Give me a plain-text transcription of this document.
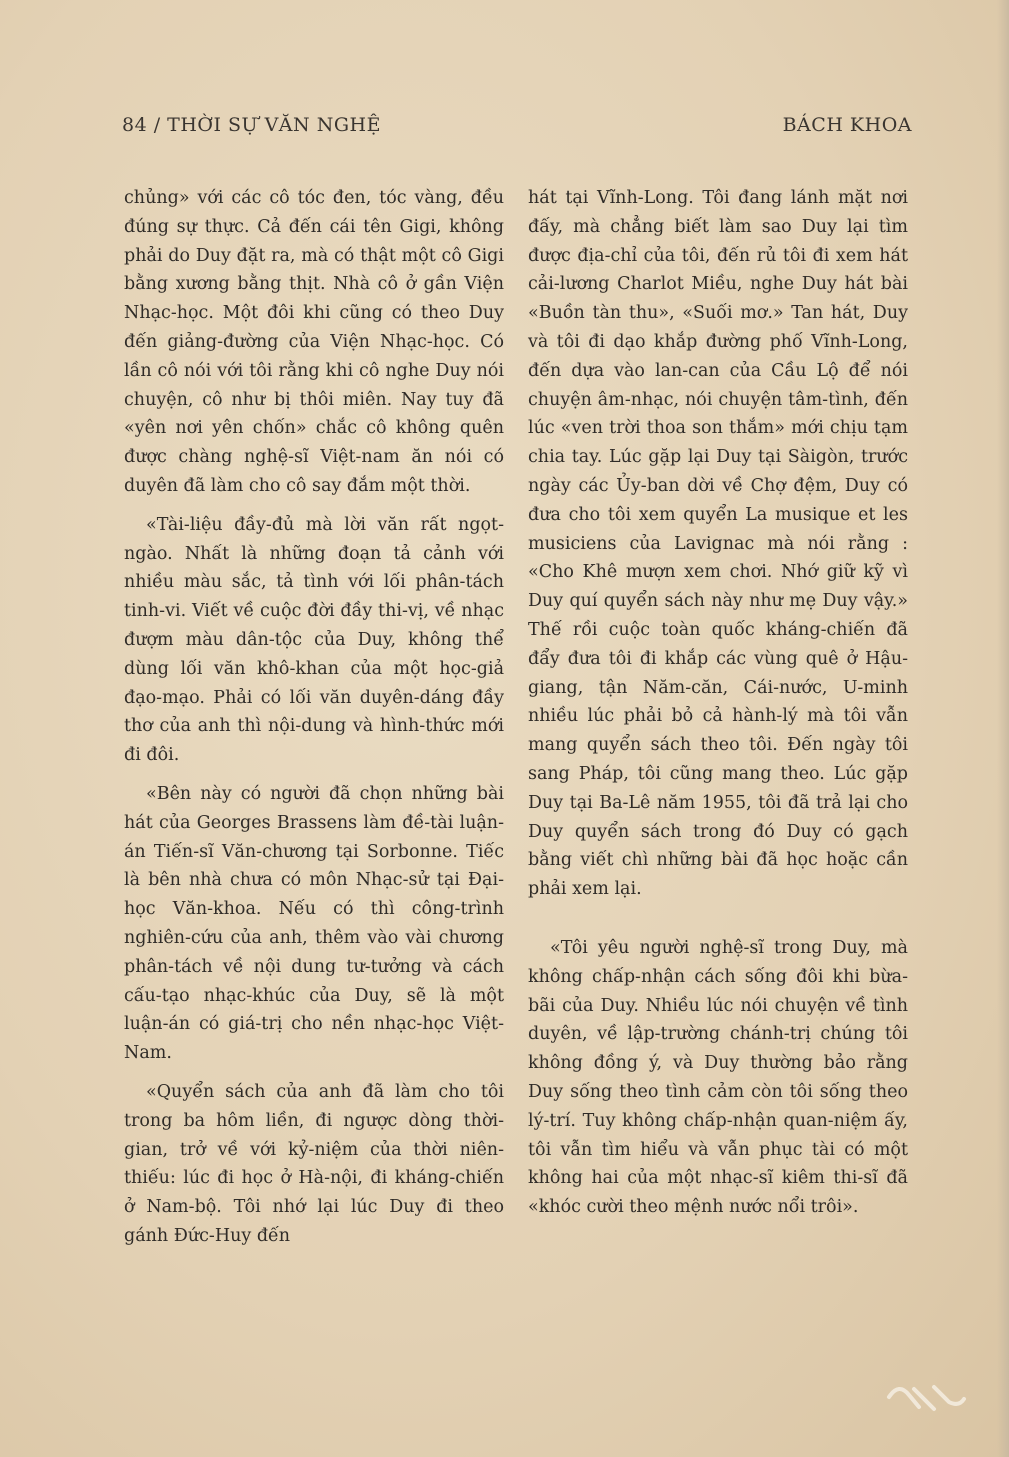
84 / THỜI SỰ VĂN NGHỆ	BÁCH KHOA

chủng» với các cô tóc đen, tóc vàng, đều đúng sự thực. Cả đến cái tên Gigi, không phải do Duy đặt ra, mà có thật một cô Gigi bằng xương bằng thịt. Nhà cô ở gần Viện Nhạc-học. Một đôi khi cũng có theo Duy đến giảng-đường của Viện Nhạc-học. Có lần cô nói với tôi rằng khi cô nghe Duy nói chuyện, cô như bị thôi miên. Nay tuy đã «yên nơi yên chốn» chắc cô không quên được chàng nghệ-sĩ Việt-nam ăn nói có duyên đã làm cho cô say đắm một thời.

«Tài-liệu đầy-đủ mà lời văn rất ngọt-ngào. Nhất là những đoạn tả cảnh với nhiều màu sắc, tả tình với lối phân-tách tinh-vi. Viết về cuộc đời đầy thi-vị, về nhạc đượm màu dân-tộc của Duy, không thể dùng lối văn khô-khan của một học-giả đạo-mạo. Phải có lối văn duyên-dáng đầy thơ của anh thì nội-dung và hình-thức mới đi đôi.

«Bên này có người đã chọn những bài hát của Georges Brassens làm đề-tài luận-án Tiến-sĩ Văn-chương tại Sorbonne. Tiếc là bên nhà chưa có môn Nhạc-sử tại Đại-học Văn-khoa. Nếu có thì công-trình nghiên-cứu của anh, thêm vào vài chương phân-tách về nội dung tư-tưởng và cách cấu-tạo nhạc-khúc của Duy, sẽ là một luận-án có giá-trị cho nền nhạc-học Việt-Nam.

«Quyển sách của anh đã làm cho tôi trong ba hôm liền, đi ngược dòng thời-gian, trở về với kỷ-niệm của thời niên-thiếu: lúc đi học ở Hà-nội, đi kháng-chiến ở Nam-bộ. Tôi nhớ lại lúc Duy đi theo gánh Đức-Huy đến

hát tại Vĩnh-Long. Tôi đang lánh mặt nơi đấy, mà chẳng biết làm sao Duy lại tìm được địa-chỉ của tôi, đến rủ tôi đi xem hát cải-lương Charlot Miều, nghe Duy hát bài «Buồn tàn thu», «Suối mơ.» Tan hát, Duy và tôi đi dạo khắp đường phố Vĩnh-Long, đến dựa vào lan-can của Cầu Lộ để nói chuyện âm-nhạc, nói chuyện tâm-tình, đến lúc «ven trời thoa son thắm» mới chịu tạm chia tay. Lúc gặp lại Duy tại Sàigòn, trước ngày các Ủy-ban dời về Chợ đệm, Duy có đưa cho tôi xem quyển La musique et les musiciens của Lavignac mà nói rằng : «Cho Khê mượn xem chơi. Nhớ giữ kỹ vì Duy quí quyển sách này như mẹ Duy vậy.» Thế rồi cuộc toàn quốc kháng-chiến đã đẩy đưa tôi đi khắp các vùng quê ở Hậu-giang, tận Năm-căn, Cái-nước, U-minh nhiều lúc phải bỏ cả hành-lý mà tôi vẫn mang quyển sách theo tôi. Đến ngày tôi sang Pháp, tôi cũng mang theo. Lúc gặp Duy tại Ba-Lê năm 1955, tôi đã trả lại cho Duy quyển sách trong đó Duy có gạch bằng viết chì những bài đã học hoặc cần phải xem lại.

«Tôi yêu người nghệ-sĩ trong Duy, mà không chấp-nhận cách sống đôi khi bừa-bãi của Duy. Nhiều lúc nói chuyện về tình duyên, về lập-trường chánh-trị chúng tôi không đồng ý, và Duy thường bảo rằng Duy sống theo tình cảm còn tôi sống theo lý-trí. Tuy không chấp-nhận quan-niệm ấy, tôi vẫn tìm hiểu và vẫn phục tài có một không hai của một nhạc-sĩ kiêm thi-sĩ đã «khóc cười theo mệnh nước nổi trôi».
